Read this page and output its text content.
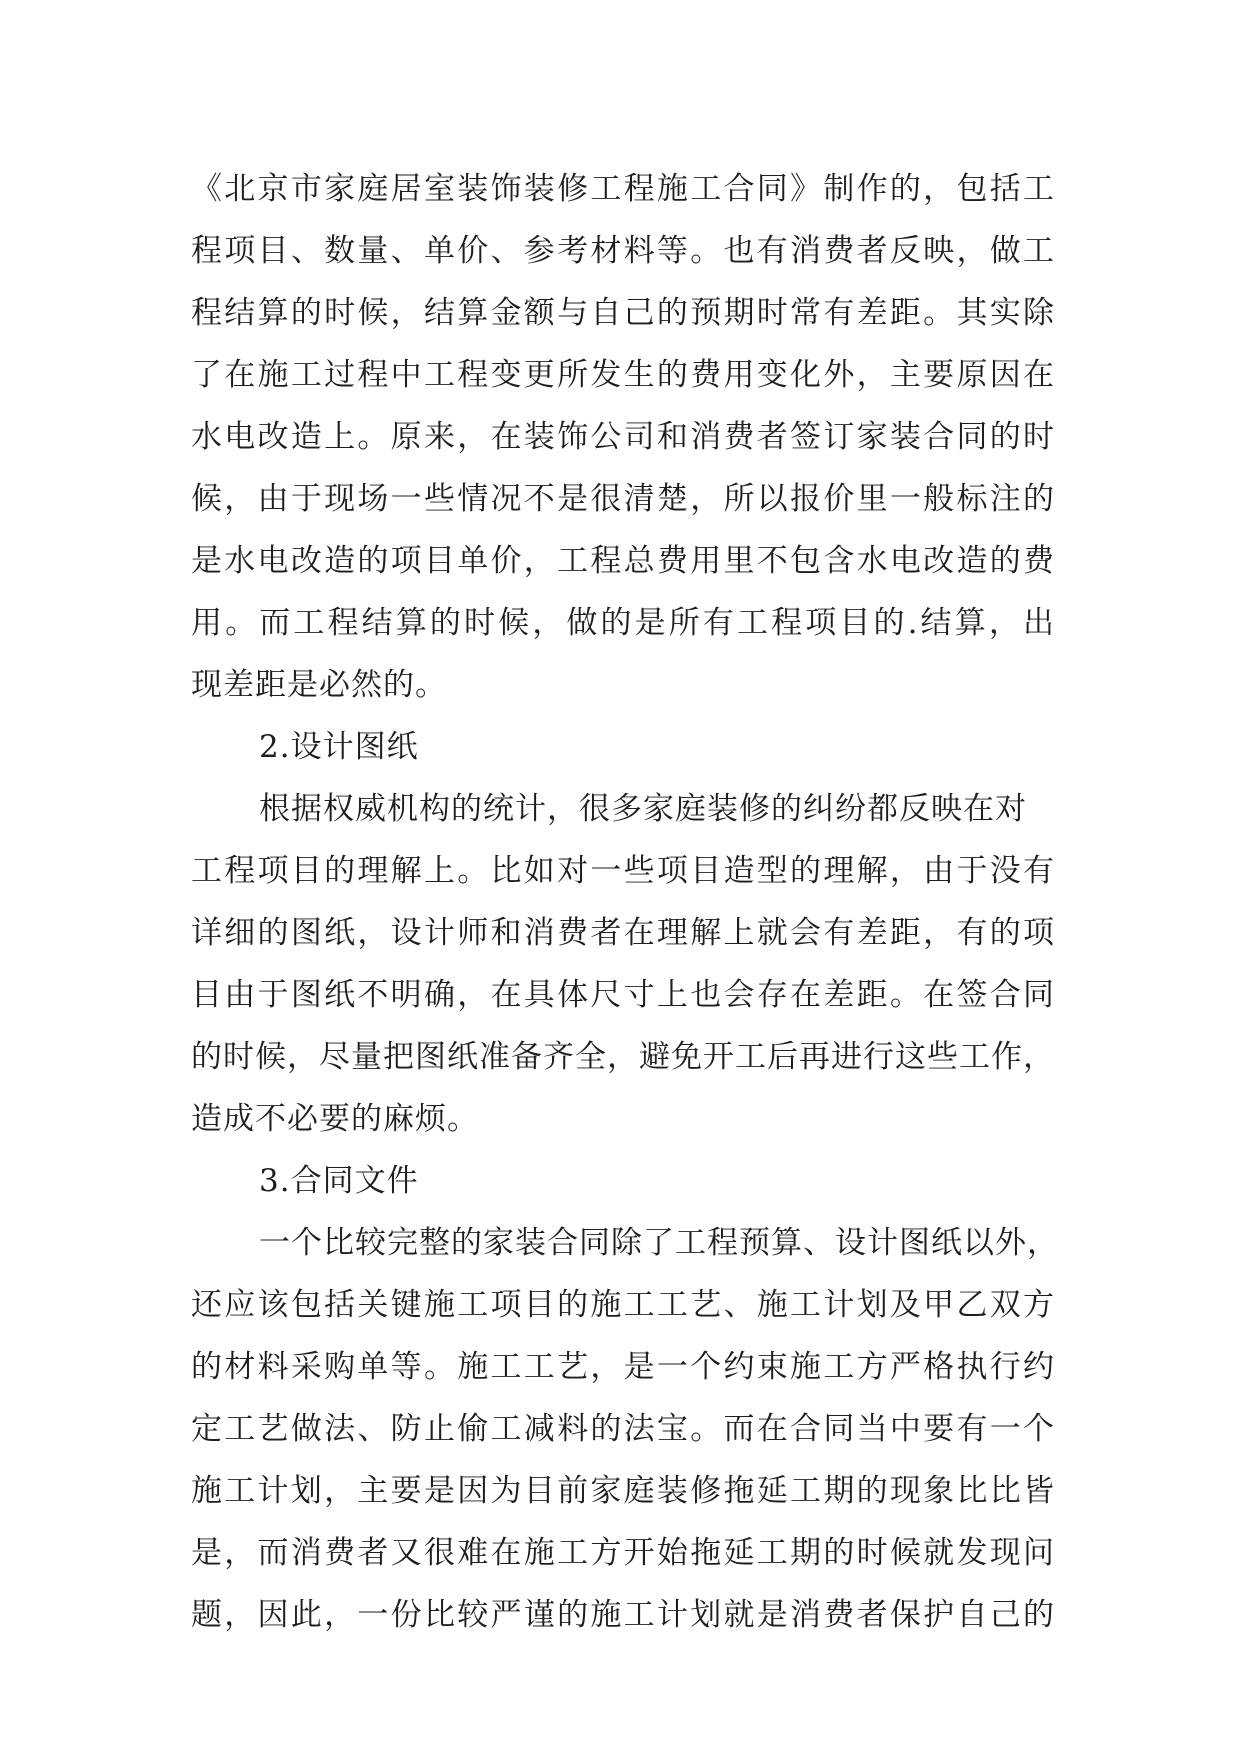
《北京市家庭居室装饰装修工程施工合同》制作的，包括工
程项目、数量、单价、参考材料等。也有消费者反映，做工
程结算的时候，结算金额与自己的预期时常有差距。其实除
了在施工过程中工程变更所发生的费用变化外，主要原因在
水电改造上。原来，在装饰公司和消费者签订家装合同的时
候，由于现场一些情况不是很清楚，所以报价里一般标注的
是水电改造的项目单价，工程总费用里不包含水电改造的费
用。而工程结算的时候，做的是所有工程项目的.结算，出
现差距是必然的。
2.设计图纸
根据权威机构的统计，很多家庭装修的纠纷都反映在对
工程项目的理解上。比如对一些项目造型的理解，由于没有
详细的图纸，设计师和消费者在理解上就会有差距，有的项
目由于图纸不明确，在具体尺寸上也会存在差距。在签合同
的时候，尽量把图纸准备齐全，避免开工后再进行这些工作，
造成不必要的麻烦。
3.合同文件
一个比较完整的家装合同除了工程预算、设计图纸以外，
还应该包括关键施工项目的施工工艺、施工计划及甲乙双方
的材料采购单等。施工工艺，是一个约束施工方严格执行约
定工艺做法、防止偷工减料的法宝。而在合同当中要有一个
施工计划，主要是因为目前家庭装修拖延工期的现象比比皆
是，而消费者又很难在施工方开始拖延工期的时候就发现问
题，因此，一份比较严谨的施工计划就是消费者保护自己的
